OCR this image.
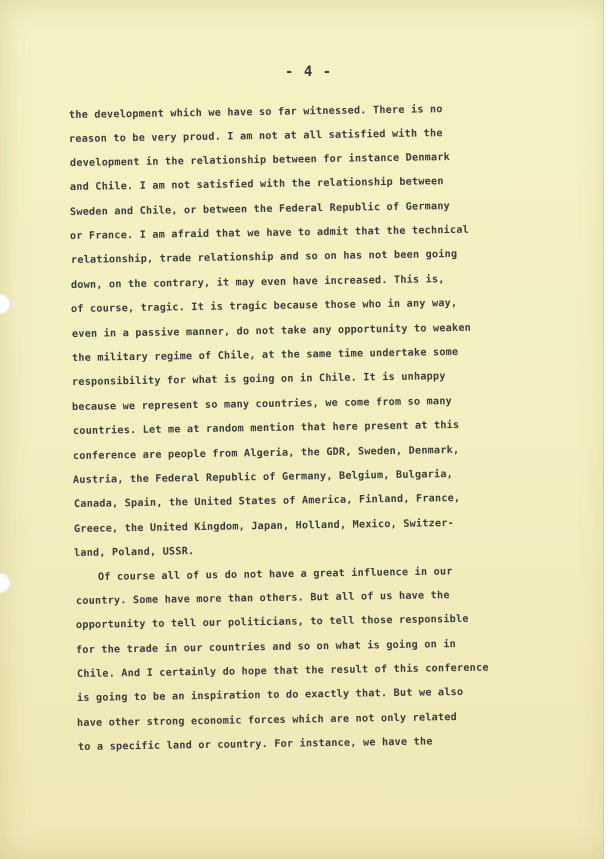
- 4 -
the development which we have so far witnessed. There is no
reason to be very proud. I am not at all satisfied with the
development in the relationship between for instance Denmark
and Chile. I am not satisfied with the relationship between
Sweden and Chile, or between the Federal Republic of Germany
or France. I am afraid that we have to admit that the technical
relationship, trade relationship and so on has not been going
down, on the contrary, it may even have increased. This is,
of course, tragic. It is tragic because those who in any way,
even in a passive manner, do not take any opportunity to weaken
the military regime of Chile, at the same time undertake some
responsibility for what is going on in Chile. It is unhappy
because we represent so many countries, we come from so many
countries. Let me at random mention that here present at this
conference are people from Algeria, the GDR, Sweden, Denmark,
Austria, the Federal Republic of Germany, Belgium, Bulgaria,
Canada, Spain, the United States of America, Finland, France,
Greece, the United Kingdom, Japan, Holland, Mexico, Switzer-
land, Poland, USSR.
Of course all of us do not have a great influence in our
country. Some have more than others. But all of us have the
opportunity to tell our politicians, to tell those responsible
for the trade in our countries and so on what is going on in
Chile. And I certainly do hope that the result of this conference
is going to be an inspiration to do exactly that. But we also
have other strong economic forces which are not only related
to a specific land or country. For instance, we have the
